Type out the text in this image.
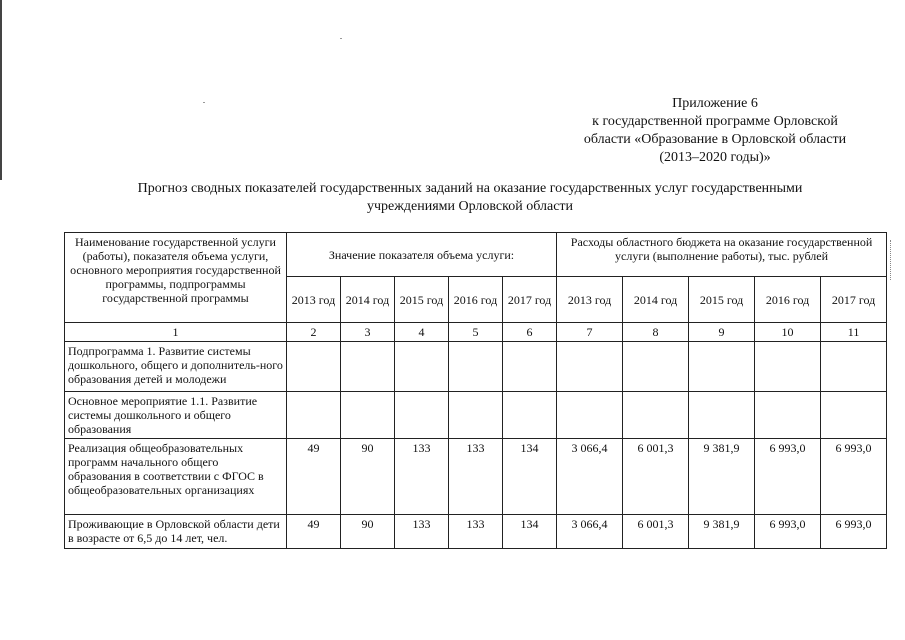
Приложение 6
к государственной программе Орловской
области «Образование в Орловской области
(2013–2020 годы)»
Прогноз сводных показателей государственных заданий на оказание государственных услуг государственными
учреждениями Орловской области
Наименование государственной услуги (работы), показателя объема услуги, основного мероприятия государственной программы, подпрограммы государственной программы	Значение показателя объема услуги:					Расходы областного бюджета на оказание государственной услуги (выполнение работы), тыс. рублей				
	2013 год	2014 год	2015 год	2016 год	2017 год	2013 год	2014 год	2015 год	2016 год	2017 год
1	2	3	4	5	6	7	8	9	10	11
Подпрограмма 1. Развитие системы дошкольного, общего и дополнитель-ного образования детей и молодежи										
Основное мероприятие 1.1. Развитие системы дошкольного и общего образования										
Реализация общеобразовательных программ начального общего образования в соответствии с ФГОС в общеобразовательных организациях	49	90	133	133	134	3 066,4	6 001,3	9 381,9	6 993,0	6 993,0
Проживающие в Орловской области дети в возрасте от 6,5 до 14 лет, чел.	49	90	133	133	134	3 066,4	6 001,3	9 381,9	6 993,0	6 993,0
